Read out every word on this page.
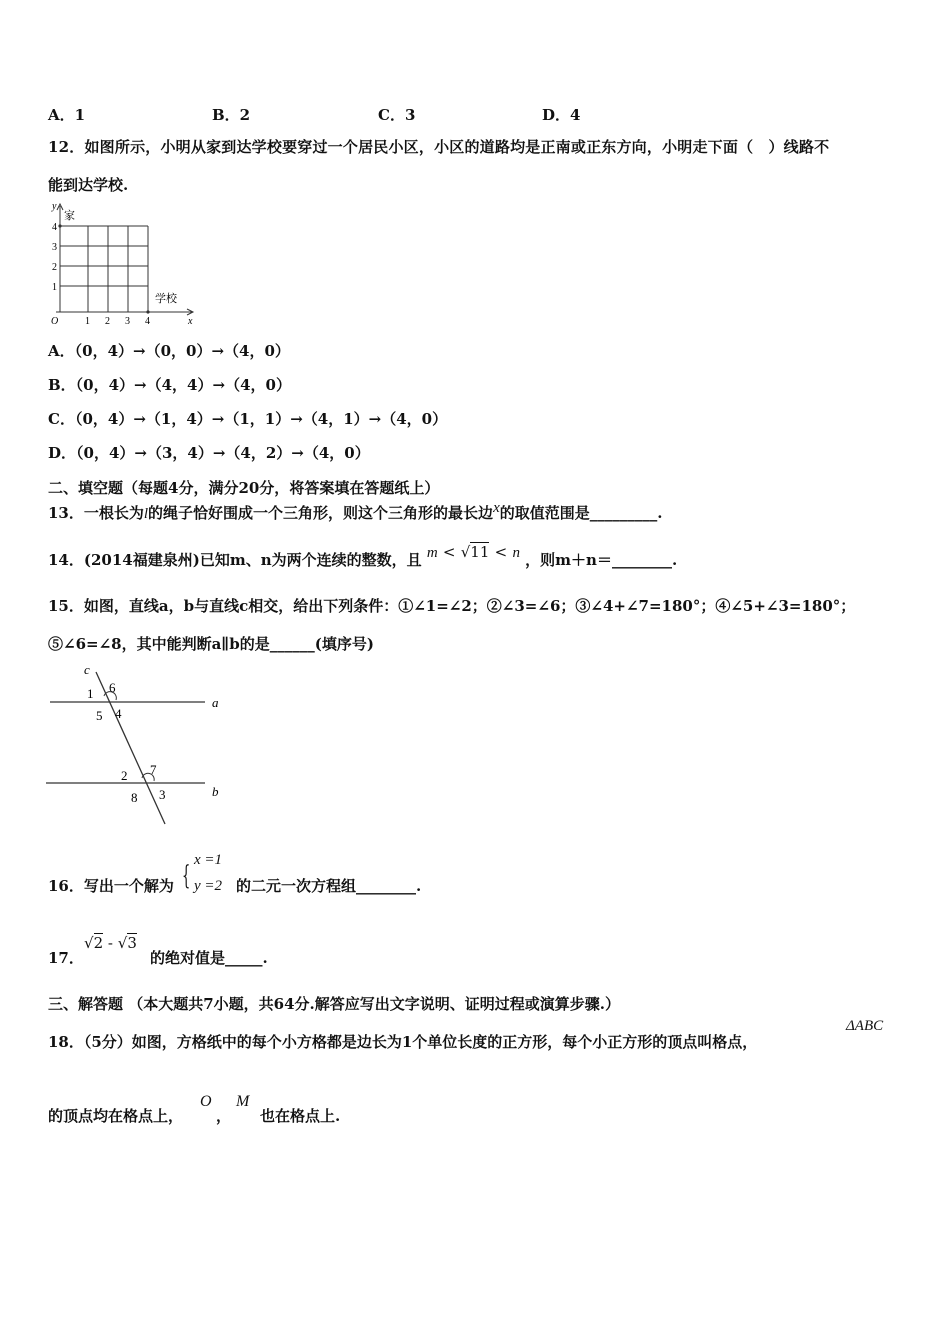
A．1	B．2	C．3	D．4
12．如图所示，小明从家到达学校要穿过一个居民小区，小区的道路均是正南或正东方向，小明走下面（　）线路不
能到达学校.
y
家
4
3
2
1
O	1 2 3 4	x
学校
A．（0，4）→（0，0）→（4，0）
B．（0，4）→（4，4）→（4，0）
C．（0，4）→（1，4）→（1，1）→（4，1）→（4，0）
D．（0，4）→（3，4）→（4，2）→（4，0）
二、填空题（每题4分，满分20分，将答案填在答题纸上）
13．一根长为l的绳子恰好围成一个三角形，则这个三角形的最长边x的取值范围是_________.
14．(2014福建泉州)已知m、n为两个连续的整数，且 m < √11 < n ，则m＋n＝________.
15．如图，直线a，b与直线c相交，给出下列条件：①∠1=∠2；②∠3=∠6；③∠4+∠7=180°；④∠5+∠3=180°；
⑤∠6=∠8，其中能判断a∥b的是______(填序号)
c
a
b
1 6
5 4
2 7
8 3
16．写出一个解为 {
x =1
y =2 的二元一次方程组________.
17．
√2 - √3
的绝对值是_____.
三、解答题 （本大题共7小题，共64分.解答应写出文字说明、证明过程或演算步骤.）
18．（5分）如图，方格纸中的每个小方格都是边长为1个单位长度的正方形，每个小正方形的顶点叫格点，
ΔABC
的顶点均在格点上，
O
，
M
也在格点上.
